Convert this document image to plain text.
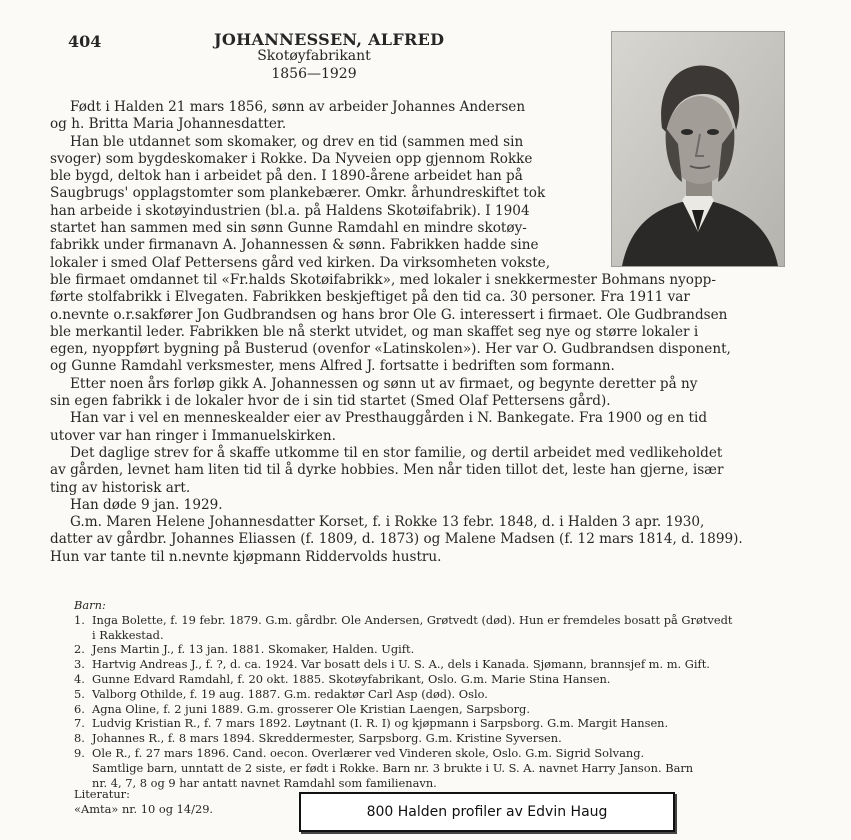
404	JOHANNESSEN, ALFRED
Skotøyfabrikant
1856—1929

Født i Halden 21 mars 1856, sønn av arbeider Johannes Andersen

og h. Britta Maria Johannesdatter.

Han ble utdannet som skomaker, og drev en tid (sammen med sin

svoger) som bygdeskomaker i Rokke. Da Nyveien opp gjennom Rokke

ble bygd, deltok han i arbeidet på den. I 1890-årene arbeidet han på

Saugbrugs' opplagstomter som plankebærer. Omkr. århundreskiftet tok

han arbeide i skotøyindustrien (bl.a. på Haldens Skotøifabrik). I 1904

startet han sammen med sin sønn Gunne Ramdahl en mindre skotøy-

fabrikk under firmanavn A. Johannessen & sønn. Fabrikken hadde sine

lokaler i smed Olaf Pettersens gård ved kirken. Da virksomheten vokste,

ble firmaet omdannet til «Fr.halds Skotøifabrikk», med lokaler i snekkermester Bohmans nyopp-

førte stolfabrikk i Elvegaten. Fabrikken beskjeftiget på den tid ca. 30 personer. Fra 1911 var

o.nevnte o.r.sakfører Jon Gudbrandsen og hans bror Ole G. interessert i firmaet. Ole Gudbrandsen

ble merkantil leder. Fabrikken ble nå sterkt utvidet, og man skaffet seg nye og større lokaler i

egen, nyoppført bygning på Busterud (ovenfor «Latinskolen»). Her var O. Gudbrandsen disponent,

og Gunne Ramdahl verksmester, mens Alfred J. fortsatte i bedriften som formann.

Etter noen års forløp gikk A. Johannessen og sønn ut av firmaet, og begynte deretter på ny

sin egen fabrikk i de lokaler hvor de i sin tid startet (Smed Olaf Pettersens gård).

Han var i vel en menneskealder eier av Presthauggården i N. Bankegate. Fra 1900 og en tid

utover var han ringer i Immanuelskirken.

Det daglige strev for å skaffe utkomme til en stor familie, og dertil arbeidet med vedlikeholdet

av gården, levnet ham liten tid til å dyrke hobbies. Men når tiden tillot det, leste han gjerne, især

ting av historisk art.

Han døde 9 jan. 1929.

G.m. Maren Helene Johannesdatter Korset, f. i Rokke 13 febr. 1848, d. i Halden 3 apr. 1930,

datter av gårdbr. Johannes Eliassen (f. 1809, d. 1873) og Malene Madsen (f. 12 mars 1814, d. 1899).

Hun var tante til n.nevnte kjøpmann Riddervolds hustru.

Barn:
1. Inga Bolette, f. 19 febr. 1879. G.m. gårdbr. Ole Andersen, Grøtvedt (død). Hun er fremdeles bosatt på Grøtvedt
i Rakkestad.
2. Jens Martin J., f. 13 jan. 1881. Skomaker, Halden. Ugift.
3. Hartvig Andreas J., f. ?, d. ca. 1924. Var bosatt dels i U. S. A., dels i Kanada. Sjømann, brannsjef m. m. Gift.
4. Gunne Edvard Ramdahl, f. 20 okt. 1885. Skotøyfabrikant, Oslo. G.m. Marie Stina Hansen.
5. Valborg Othilde, f. 19 aug. 1887. G.m. redaktør Carl Asp (død). Oslo.
6. Agna Oline, f. 2 juni 1889. G.m. grosserer Ole Kristian Laengen, Sarpsborg.
7. Ludvig Kristian R., f. 7 mars 1892. Løytnant (I. R. I) og kjøpmann i Sarpsborg. G.m. Margit Hansen.
8. Johannes R., f. 8 mars 1894. Skreddermester, Sarpsborg. G.m. Kristine Syversen.
9. Ole R., f. 27 mars 1896. Cand. oecon. Overlærer ved Vinderen skole, Oslo. G.m. Sigrid Solvang.
Samtlige barn, unntatt de 2 siste, er født i Rokke. Barn nr. 3 brukte i U. S. A. navnet Harry Janson. Barn
nr. 4, 7, 8 og 9 har antatt navnet Ramdahl som familienavn.
Literatur:
«Amta» nr. 10 og 14/29.	800 Halden profiler av Edvin Haug
